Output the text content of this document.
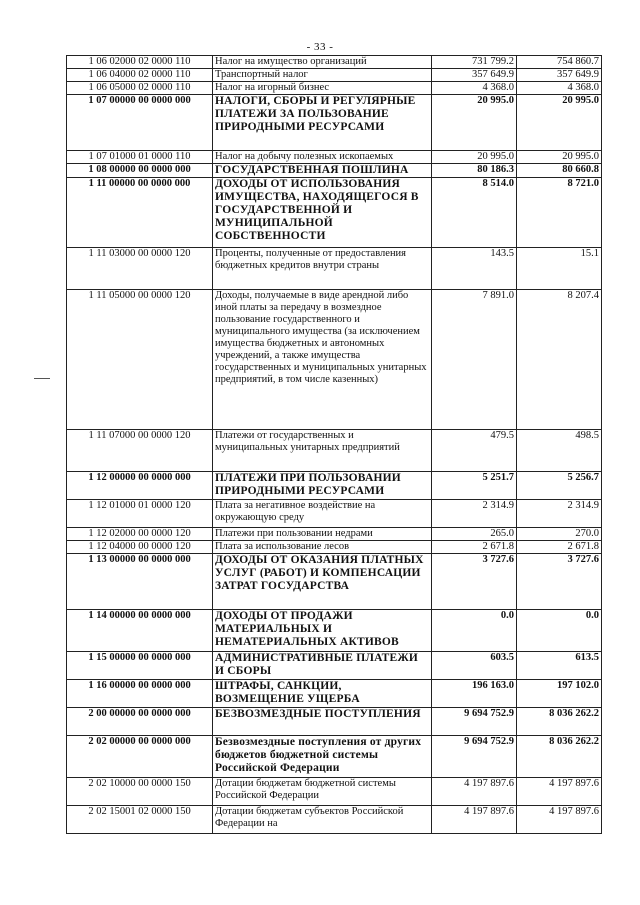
- 33 -
1 06 02000 02 0000 110	Налог на имущество организаций	731 799.2	754 860.7
1 06 04000 02 0000 110	Транспортный налог	357 649.9	357 649.9
1 06 05000 02 0000 110	Налог на игорный бизнес	4 368.0	4 368.0
1 07 00000 00 0000 000	НАЛОГИ, СБОРЫ И РЕГУЛЯРНЫЕ ПЛАТЕЖИ ЗА ПОЛЬЗОВАНИЕ ПРИРОДНЫМИ РЕСУРСАМИ	20 995.0	20 995.0
1 07 01000 01 0000 110	Налог на добычу полезных ископаемых	20 995.0	20 995.0
1 08 00000 00 0000 000	ГОСУДАРСТВЕННАЯ ПОШЛИНА	80 186.3	80 660.8
1 11 00000 00 0000 000	ДОХОДЫ ОТ ИСПОЛЬЗОВАНИЯ ИМУЩЕСТВА, НАХОДЯЩЕГОСЯ В ГОСУДАРСТВЕННОЙ И МУНИЦИПАЛЬНОЙ СОБСТВЕННОСТИ	8 514.0	8 721.0
1 11 03000 00 0000 120	Проценты, полученные от предоставления бюджетных кредитов внутри страны	143.5	15.1
1 11 05000 00 0000 120	Доходы, получаемые в виде арендной либо иной платы за передачу в возмездное пользование государственного и муниципального имущества (за исключением имущества бюджетных и автономных учреждений, а также имущества государственных и муниципальных унитарных предприятий, в том числе казенных)	7 891.0	8 207.4
1 11 07000 00 0000 120	Платежи от государственных и муниципальных унитарных предприятий	479.5	498.5
1 12 00000 00 0000 000	ПЛАТЕЖИ ПРИ ПОЛЬЗОВАНИИ ПРИРОДНЫМИ РЕСУРСАМИ	5 251.7	5 256.7
1 12 01000 01 0000 120	Плата за негативное воздействие на окружающую среду	2 314.9	2 314.9
1 12 02000 00 0000 120	Платежи при пользовании недрами	265.0	270.0
1 12 04000 00 0000 120	Плата за использование лесов	2 671.8	2 671.8
1 13 00000 00 0000 000	ДОХОДЫ ОТ ОКАЗАНИЯ ПЛАТНЫХ УСЛУГ (РАБОТ) И КОМПЕНСАЦИИ ЗАТРАТ ГОСУДАРСТВА	3 727.6	3 727.6
1 14 00000 00 0000 000	ДОХОДЫ ОТ ПРОДАЖИ МАТЕРИАЛЬНЫХ И НЕМАТЕРИАЛЬНЫХ АКТИВОВ	0.0	0.0
1 15 00000 00 0000 000	АДМИНИСТРАТИВНЫЕ ПЛАТЕЖИ И СБОРЫ	603.5	613.5
1 16 00000 00 0000 000	ШТРАФЫ, САНКЦИИ, ВОЗМЕЩЕНИЕ УЩЕРБА	196 163.0	197 102.0
2 00 00000 00 0000 000	БЕЗВОЗМЕЗДНЫЕ ПОСТУПЛЕНИЯ	9 694 752.9	8 036 262.2
2 02 00000 00 0000 000	Безвозмездные поступления от других бюджетов бюджетной системы Российской Федерации	9 694 752.9	8 036 262.2
2 02 10000 00 0000 150	Дотации бюджетам бюджетной системы Российской Федерации	4 197 897.6	4 197 897.6
2 02 15001 02 0000 150	Дотации бюджетам субъектов Российской Федерации на	4 197 897.6	4 197 897.6
